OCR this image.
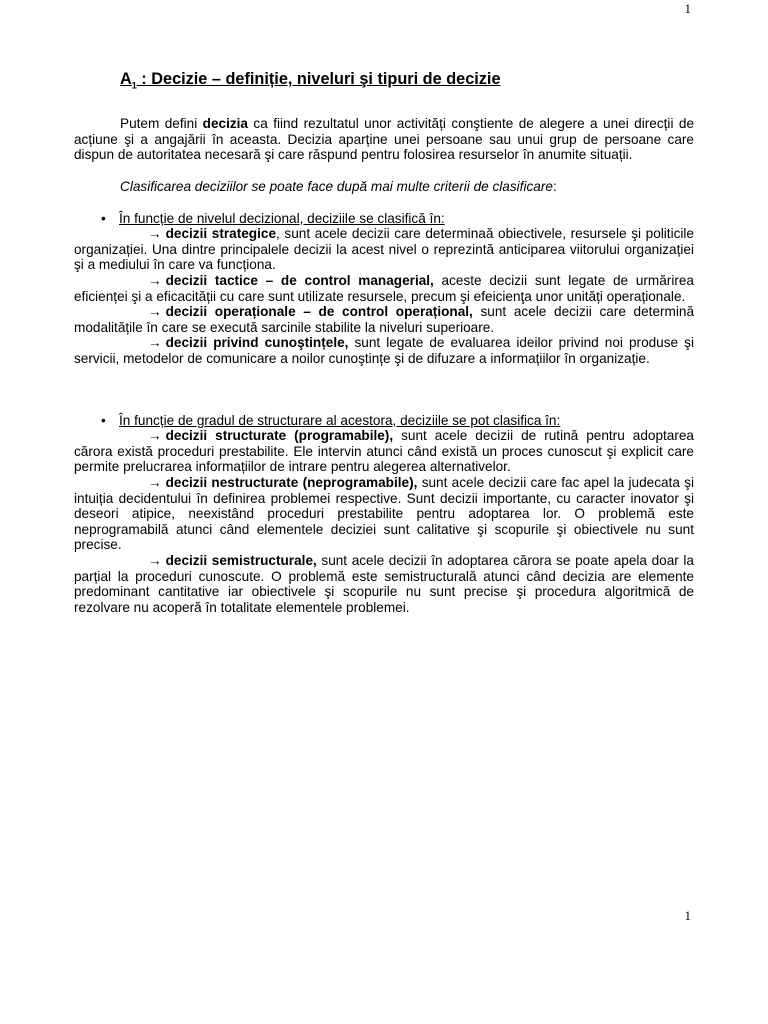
1
$A_1$ : Decizie – definiție, niveluri şi tipuri de decizie

Putem defini decizia ca fiind rezultatul unor activități conştiente de alegere a unei direcții de acțiune şi a angajării în aceasta. Decizia aparține unei persoane sau unui grup de persoane care dispun de autoritatea necesară şi care răspund pentru folosirea resurselor în anumite situații.

Clasificarea deciziilor se poate face după mai multe criterii de clasificare:

• În funcție de nivelul decizional, deciziile se clasifică în:

→ decizii strategice, sunt acele decizii care determinaă obiectivele, resursele şi politicile organizației. Una dintre principalele decizii la acest nivel o reprezintă anticiparea viitorului organizației şi a mediului în care va funcționa.

→ decizii tactice – de control managerial, aceste decizii sunt legate de urmărirea eficienței şi a eficacității cu care sunt utilizate resursele, precum şi efeicienţa unor unități operaționale.

→ decizii operaționale – de control operațional, sunt acele decizii care determină modalitățile în care se execută sarcinile stabilite la niveluri superioare.

→ decizii privind cunoştințele, sunt legate de evaluarea ideilor privind noi produse şi servicii, metodelor de comunicare a noilor cunoştințe şi de difuzare a informațiilor în organizație.

• În funcție de gradul de structurare al acestora, deciziile se pot clasifica în:

→ decizii structurate (programabile), sunt acele decizii de rutină pentru adoptarea cărora există proceduri prestabilite. Ele intervin atunci când există un proces cunoscut şi explicit care permite prelucrarea informațiilor de intrare pentru alegerea alternativelor.

→ decizii nestructurate (neprogramabile), sunt acele decizii care fac apel la judecata şi intuiția decidentului în definirea problemei respective. Sunt decizii importante, cu caracter inovator şi deseori atipice, neexistând proceduri prestabilite pentru adoptarea lor. O problemă este neprogramabilă atunci când elementele deciziei sunt calitative şi scopurile şi obiectivele nu sunt precise.

→ decizii semistructurale, sunt acele decizii în adoptarea cărora se poate apela doar la parțial la proceduri cunoscute. O problemă este semistructurală atunci când decizia are elemente predominant cantitative iar obiectivele şi scopurile nu sunt precise şi procedura algoritmică de rezolvare nu acoperă în totalitate elementele problemei.

1
